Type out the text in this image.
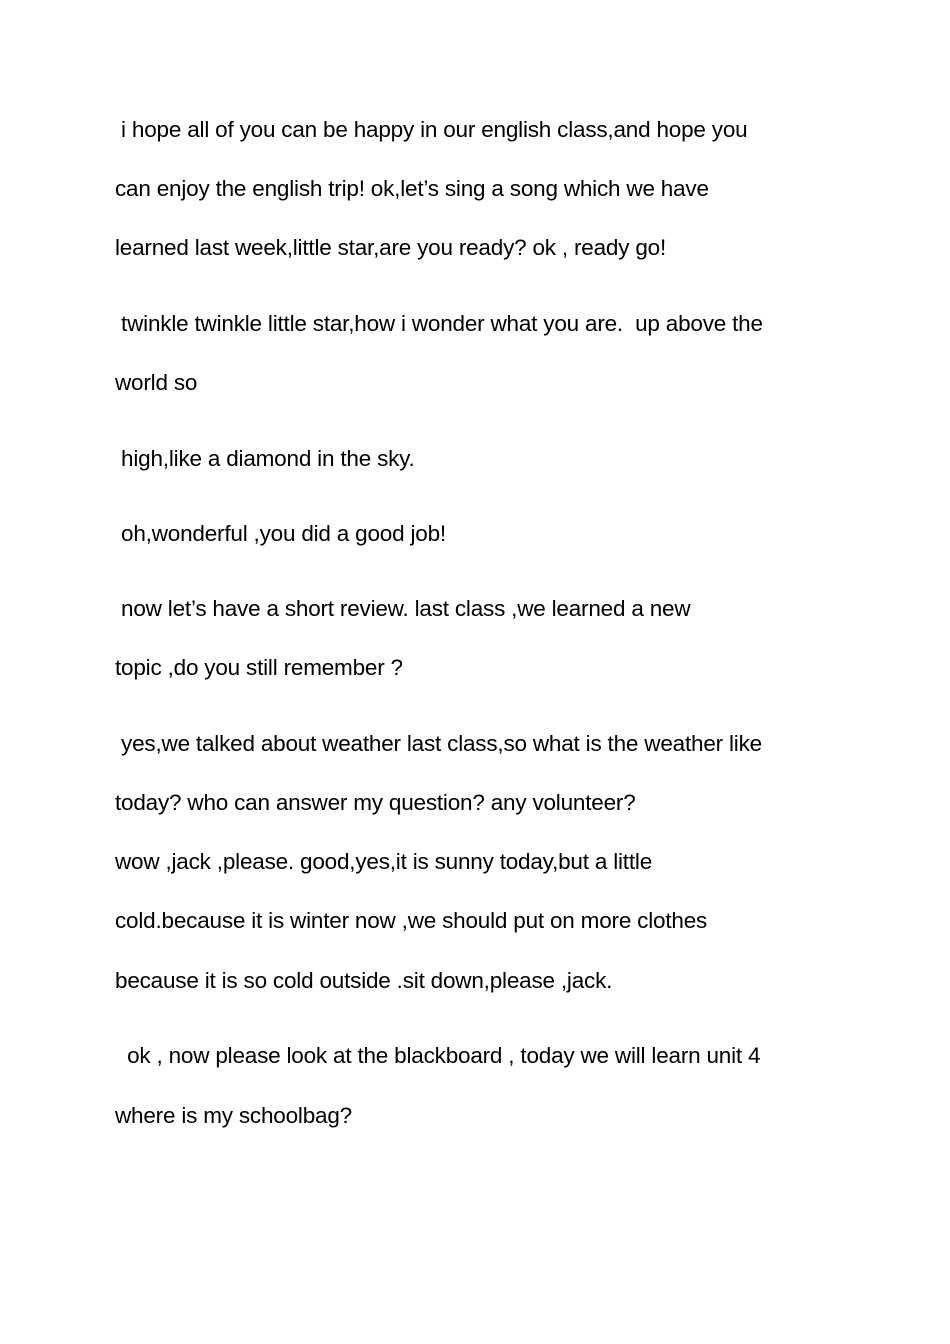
i hope all of you can be happy in our english class,and hope you
can enjoy the english trip! ok,let’s sing a song which we have
learned last week,little star,are you ready? ok , ready go!
twinkle twinkle little star,how i wonder what you are.  up above the
world so
high,like a diamond in the sky.
oh,wonderful ,you did a good job!
now let’s have a short review. last class ,we learned a new
topic ,do you still remember ?
yes,we talked about weather last class,so what is the weather like
today? who can answer my question? any volunteer?
wow ,jack ,please. good,yes,it is sunny today,but a little
cold.because it is winter now ,we should put on more clothes
because it is so cold outside .sit down,please ,jack.
ok , now please look at the blackboard , today we will learn unit 4
where is my schoolbag?
